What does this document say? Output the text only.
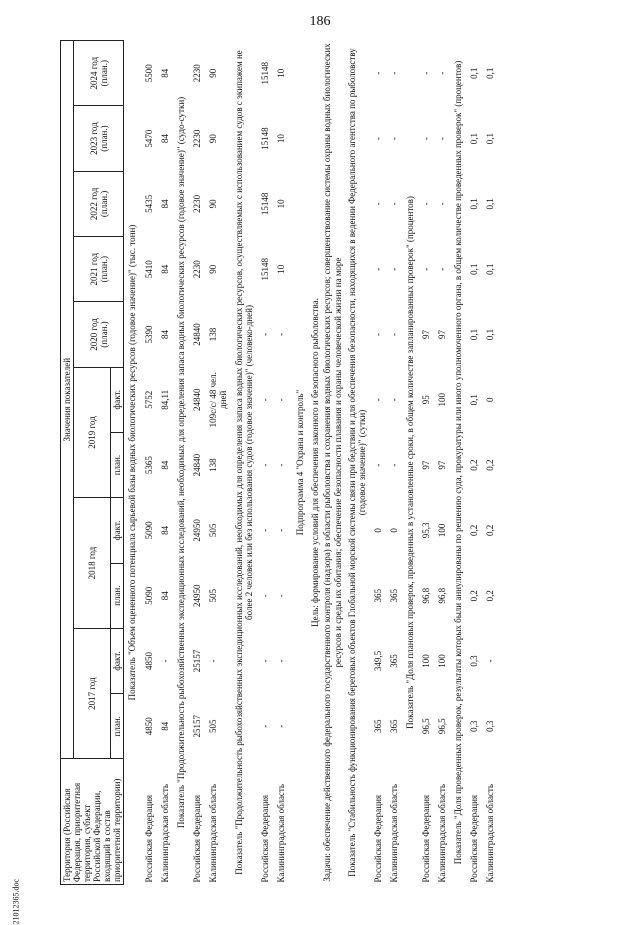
186
21012365.doc
Территория (Российская Федерация, приоритетная территория, субъект Российской Федерации, входящий в состав приоритетной территории)	Значения показателей										
	2017 год		2018 год		2019 год		2020 год (план.)	2021 год (план.)	2022 год (план.)	2023 год (план.)	2024 год (план.)
	план.	факт.	план.	факт.	план.	факт.					
Показатель "Объем оцененного потенциала сырьевой базы водных биологических ресурсов (годовое значение)" (тыс. тонн)											
Российская Федерация	4850	4850	5090	5090	5365	5752	5390	5410	5435	5470	5500
Калининградская область	84	-	84	84	84	84,11	84	84	84	84	84
Показатель "Продолжительность рыбохозяйственных экспедиционных исследований, необходимых для определения запаса водных биологических ресурсов (годовое значение)" (судо-сутки)											
Российская Федерация	25157	25157	24950	24950	24840	24840	24840	2230	2230	2230	2230
Калининградская область	505	-	505	505	138	109с/с/ 48 чел. дней	138	90	90	90	90
Показатель "Продолжительность рыбохозяйственных экспедиционных исследований, необходимых для определения запаса водных биологических ресурсов, осуществляемых с использованием судов с экипажем не более 2 человек или без использования судов (годовое значение)" (человеко-дней)											
Российская Федерация	-	-	-	-	-	-	-	15148	15148	15148	15148
Калининградская область	-	-	-	-	-	-	-	10	10	10	10
Подпрограмма 4 "Охрана и контроль"											
Цель: формирование условий для обеспечения законного и безопасного рыболовства.											
Задачи: обеспечение действенного федерального государственного контроля (надзора) в области рыболовства и сохранения водных биологических ресурсов; совершенствование системы охраны водных биологических ресурсов и среды их обитания; обеспечение безопасности плавания и охраны человеческой жизни на море											
Показатель "Стабильность функционирования береговых объектов Глобальной морской системы связи при бедствии и для обеспечения безопасности, находящихся в ведении Федерального агентства по рыболовству (годовое значение)" (сутки)											
Российская Федерация	365	349,5	365	0	-	-	-	-	-	-	-
Калининградская область	365	365	365	0	-	-	-	-	-	-	-
Показатель "Доля плановых проверок, проведенных в установленные сроки, в общем количестве запланированных проверок" (процентов)											
Российская Федерация	96,5	100	96,8	95,3	97	95	97	-	-	-	-
Калининградская область	96,5	100	96,8	100	97	100	97	-	-	-	-
Показатель "Доля проведенных проверок, результаты которых были аннулированы по решению суда, прокуратуры или иного уполномоченного органа, в общем количестве проведенных проверок" (процентов)											
Российская Федерация	0,3	0,3	0,2	0,2	0,2	0,1	0,1	0,1	0,1	0,1	0,1
Калининградская область	0,3	-	0,2	0,2	0,2	0	0,1	0,1	0,1	0,1	0,1
